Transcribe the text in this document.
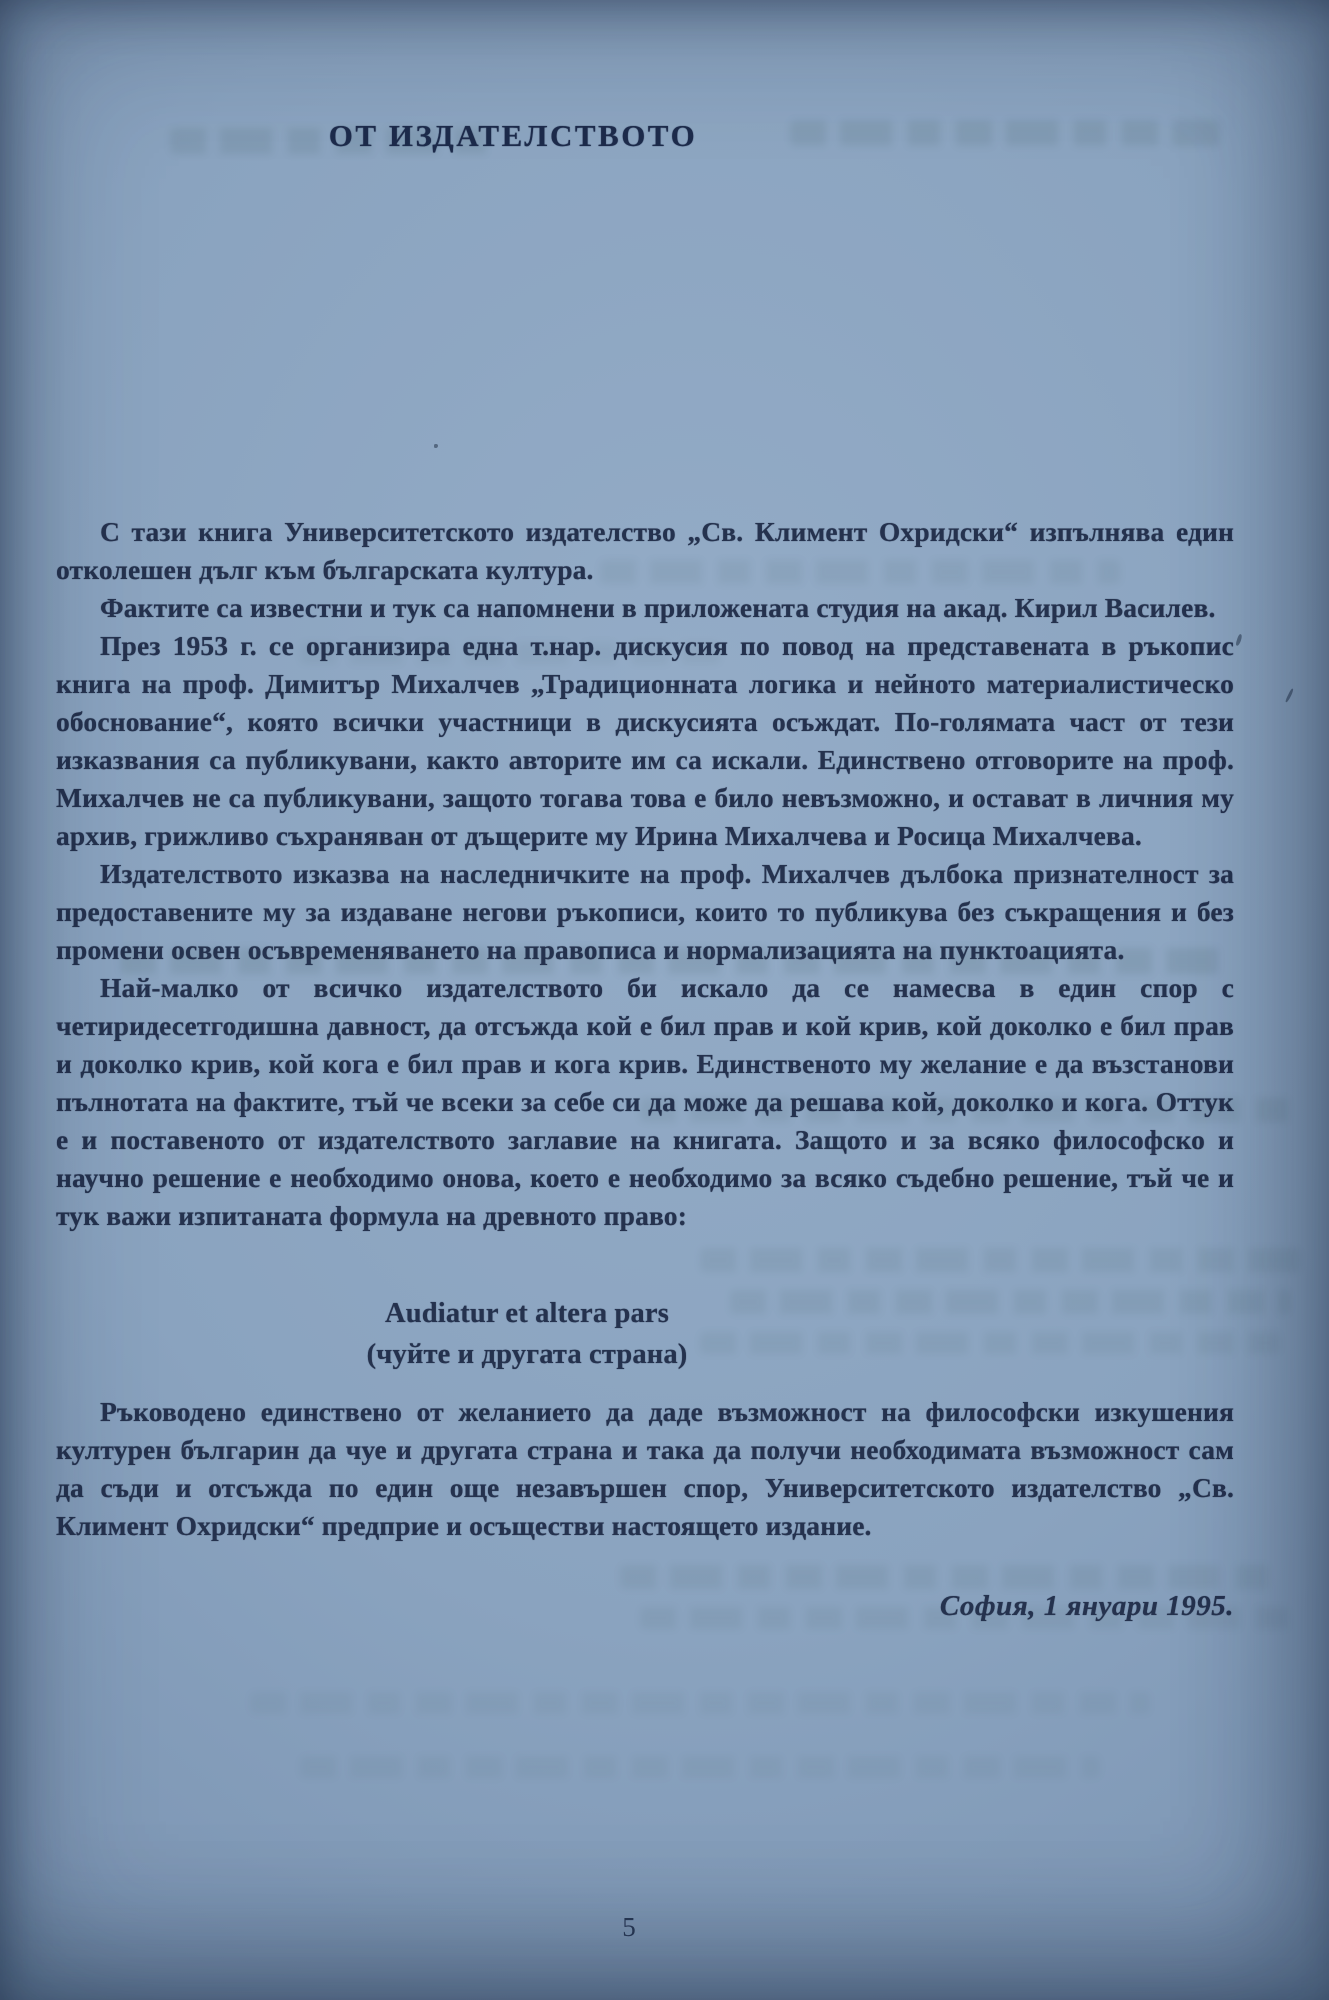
ОТ ИЗДАТЕЛСТВОТО

С тази книга Университетското издателство „Св. Климент Охридски“ изпълнява един отколешен дълг към българската култура.

Фактите са известни и тук са напомнени в приложената студия на акад. Кирил Василев.

През 1953 г. се организира една т.нар. дискусия по повод на представената в ръкопис книга на проф. Димитър Михалчев „Традиционната логика и нейното материалистическо обоснование“, която всички участници в дискусията осъждат. По-голямата част от тези изказвания са публикувани, както авторите им са искали. Единствено отговорите на проф. Михалчев не са публикувани, защото тогава това е било невъзможно, и остават в личния му архив, грижливо съхраняван от дъщерите му Ирина Михалчева и Росица Михалчева.

Издателството изказва на наследничките на проф. Михалчев дълбока признателност за предоставените му за издаване негови ръкописи, които то публикува без съкращения и без промени освен осъвременяването на правописа и нормализацията на пунктоацията.

Най-малко от всичко издателството би искало да се намесва в един спор с четиридесетгодишна давност, да отсъжда кой е бил прав и кой крив, кой доколко е бил прав и доколко крив, кой кога е бил прав и кога крив. Единственото му желание е да възстанови пълнотата на фактите, тъй че всеки за себе си да може да решава кой, доколко и кога. Оттук е и поставеното от издателството заглавие на книгата. Защото и за всяко философско и научно решение е необходимо онова, което е необходимо за всяко съдебно решение, тъй че и тук важи изпитаната формула на древното право:

Audiatur et altera pars
(чуйте и другата страна)

Ръководено единствено от желанието да даде възможност на философски изкушения културен българин да чуе и другата страна и така да получи необходимата възможност сам да съди и отсъжда по един още незавършен спор, Университетското издателство „Св. Климент Охридски“ предприе и осъществи настоящето издание.

София, 1 януари 1995.
5
